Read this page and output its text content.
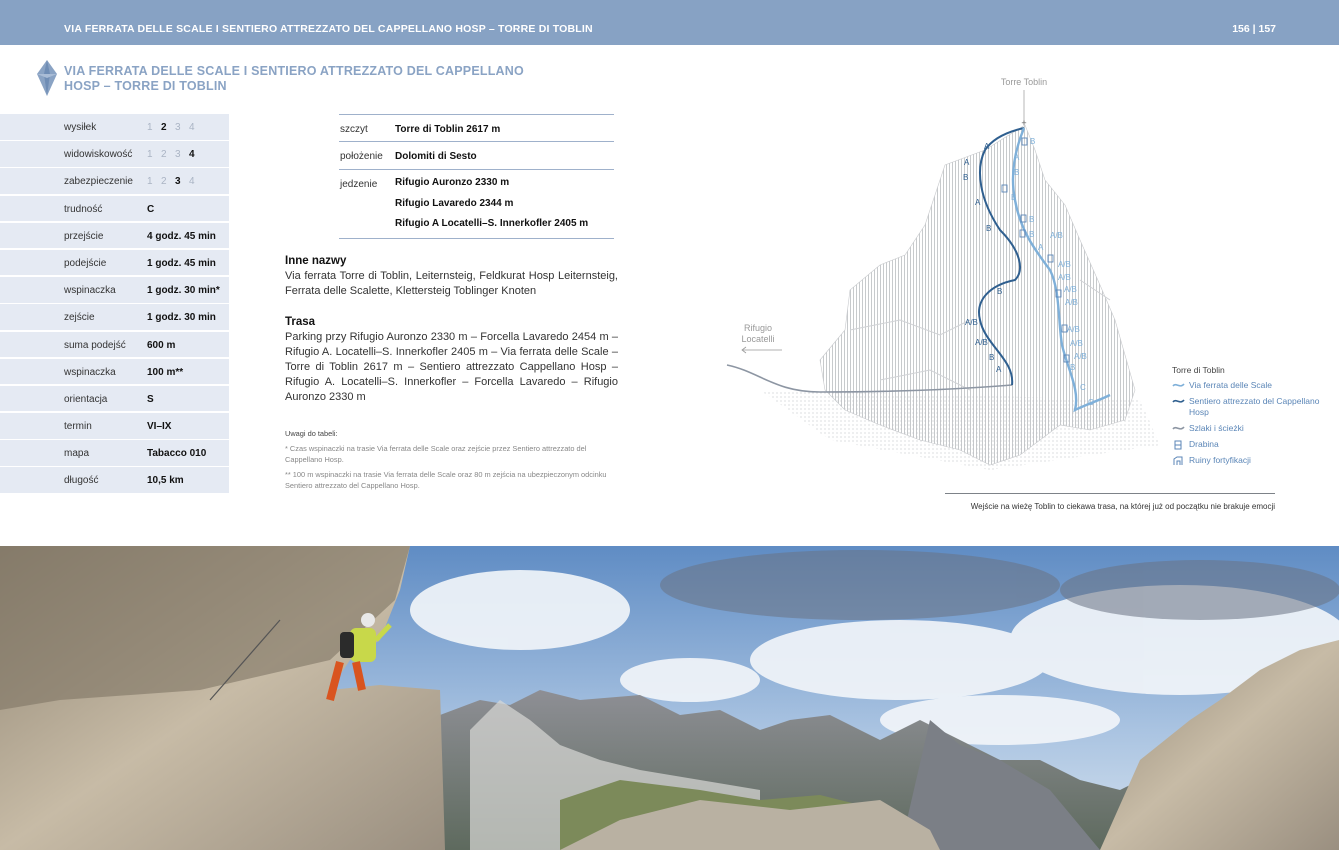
VIA FERRATA DELLE SCALE I SENTIERO ATTREZZATO DEL CAPPELLANO HOSP – TORRE DI TOBLIN	156 | 157
VIA FERRATA DELLE SCALE I SENTIERO ATTREZZATO DEL CAPPELLANO HOSP – TORRE DI TOBLIN
wysiłek	1 2 3 4
widowiskowość 1 2 3 4
zabezpieczenie 1 2 3 4
trudność	C
przejście	4 godz. 45 min
podejście	1 godz. 45 min
wspinaczka	1 godz. 30 min*
zejście	1 godz. 30 min
suma podejść 600 m
wspinaczka	100 m**
orientacja	S
termin	VI–IX
mapa	Tabacco 010
długość	10,5 km
szczyt	Torre di Toblin 2617 m
położenie Dolomiti di Sesto
jedzenie Rifugio Auronzo 2330 m
Rifugio Lavaredo 2344 m
Rifugio A Locatelli–S. Innerkofler 2405 m
Inne nazwy

Via ferrata Torre di Toblin, Leiternsteig, Feldkurat Hosp Leiternsteig, Ferrata delle Scalette, Klettersteig Toblinger Knoten

Trasa

Parking przy Rifugio Auronzo 2330 m – Forcella Lavaredo 2454 m – Rifugio A. Locatelli–S. Innerkofler 2405 m – Via ferrata delle Scale – Torre di Toblin 2617 m – Sentiero attrezzato Cappellano Hosp – Rifugio A. Locatelli–S. Innerkofler – Forcella Lavaredo – Rifugio Auronzo 2330 m

Uwagi do tabeli:
* Czas wspinaczki na trasie Via ferrata delle Scale oraz zejście przez Sentiero attrezzato del Cappellano Hosp.
** 100 m wspinaczki na trasie Via ferrata delle Scale oraz 80 m zejścia na ubezpieczonym odcinku Sentiero attrezzato del Cappellano Hosp.
Rifugio
Locatelli
Torre Toblin
+
A
A
B
A
B
B
B
A
B
B
B
B
A
A/B
A/B
A/B
A/B
A/B
A/B
A/B
A/B
B
C
C
A/B
A/B
B
A	Torre di Toblin
Via ferrata delle Scale
Sentiero attrezzato del Cappellano Hosp
Szlaki i ścieżki
Drabina
Ruiny fortyfikacji
Wejście na wieżę Toblin to ciekawa trasa, na której już od początku nie brakuje emocji
